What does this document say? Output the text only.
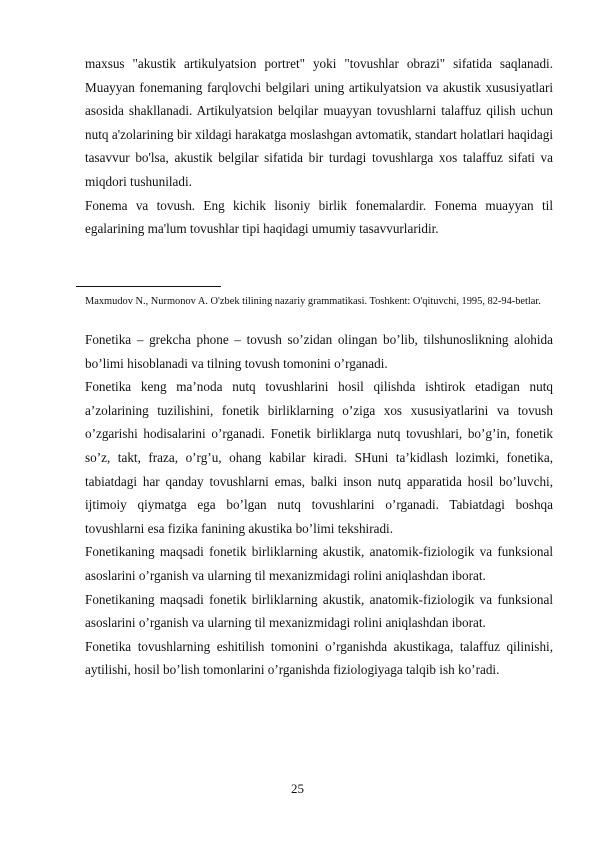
maxsus "akustik artikulyatsion portret" yoki "tovushlar obrazi" sifatida saqlanadi. Muayyan fonemaning farqlovchi belgilari uning artikulyatsion va akustik xususiyatlari asosida shakllanadi. Artikulyatsion belqilar muayyan tovushlarni talaffuz qilish uchun nutq a'zolarining bir xildagi harakatga moslashgan avtomatik, standart holatlari haqidagi tasavvur bo'lsa, akustik belgilar sifatida bir turdagi tovushlarga xos talaffuz sifati va miqdori tushuniladi.

Fonema va tovush. Eng kichik lisoniy birlik fonemalardir. Fonema muayyan til egalarining ma'lum tovushlar tipi haqidagi umumiy tasavvurlaridir.

Maxmudov N., Nurmonov A. O'zbek tilining nazariy grammatikasi. Toshkent: O'qituvchi, 1995, 82-94-betlar.

Fonetika – grekcha phone – tovush so’zidan olingan bo’lib, tilshunoslikning alohida bo’limi hisoblanadi va tilning tovush tomonini o’rganadi.

Fonetika keng ma’noda nutq tovushlarini hosil qilishda ishtirok etadigan nutq a’zolarining tuzilishini, fonetik birliklarning o’ziga xos xususiyatlarini va tovush o’zgarishi hodisalarini o’rganadi. Fonetik birliklarga nutq tovushlari, bo’g’in, fonetik so’z, takt, fraza, o’rg’u, ohang kabilar kiradi. SHuni ta’kidlash lozimki, fonetika, tabiatdagi har qanday tovushlarni emas, balki inson nutq apparatida hosil bo’luvchi, ijtimoiy qiymatga ega bo’lgan nutq tovushlarini o’rganadi. Tabiatdagi boshqa tovushlarni esa fizika fanining akustika bo’limi tekshiradi.

Fonetikaning maqsadi fonetik birliklarning akustik, anatomik-fiziologik va funksional asoslarini o’rganish va ularning til mexanizmidagi rolini aniqlashdan iborat.

Fonetikaning maqsadi fonetik birliklarning akustik, anatomik-fiziologik va funksional asoslarini o’rganish va ularning til mexanizmidagi rolini aniqlashdan iborat.

Fonetika tovushlarning eshitilish tomonini o’rganishda akustikaga, talaffuz qilinishi, aytilishi, hosil bo’lish tomonlarini o’rganishda fiziologiyaga talqib ish ko’radi.

25
